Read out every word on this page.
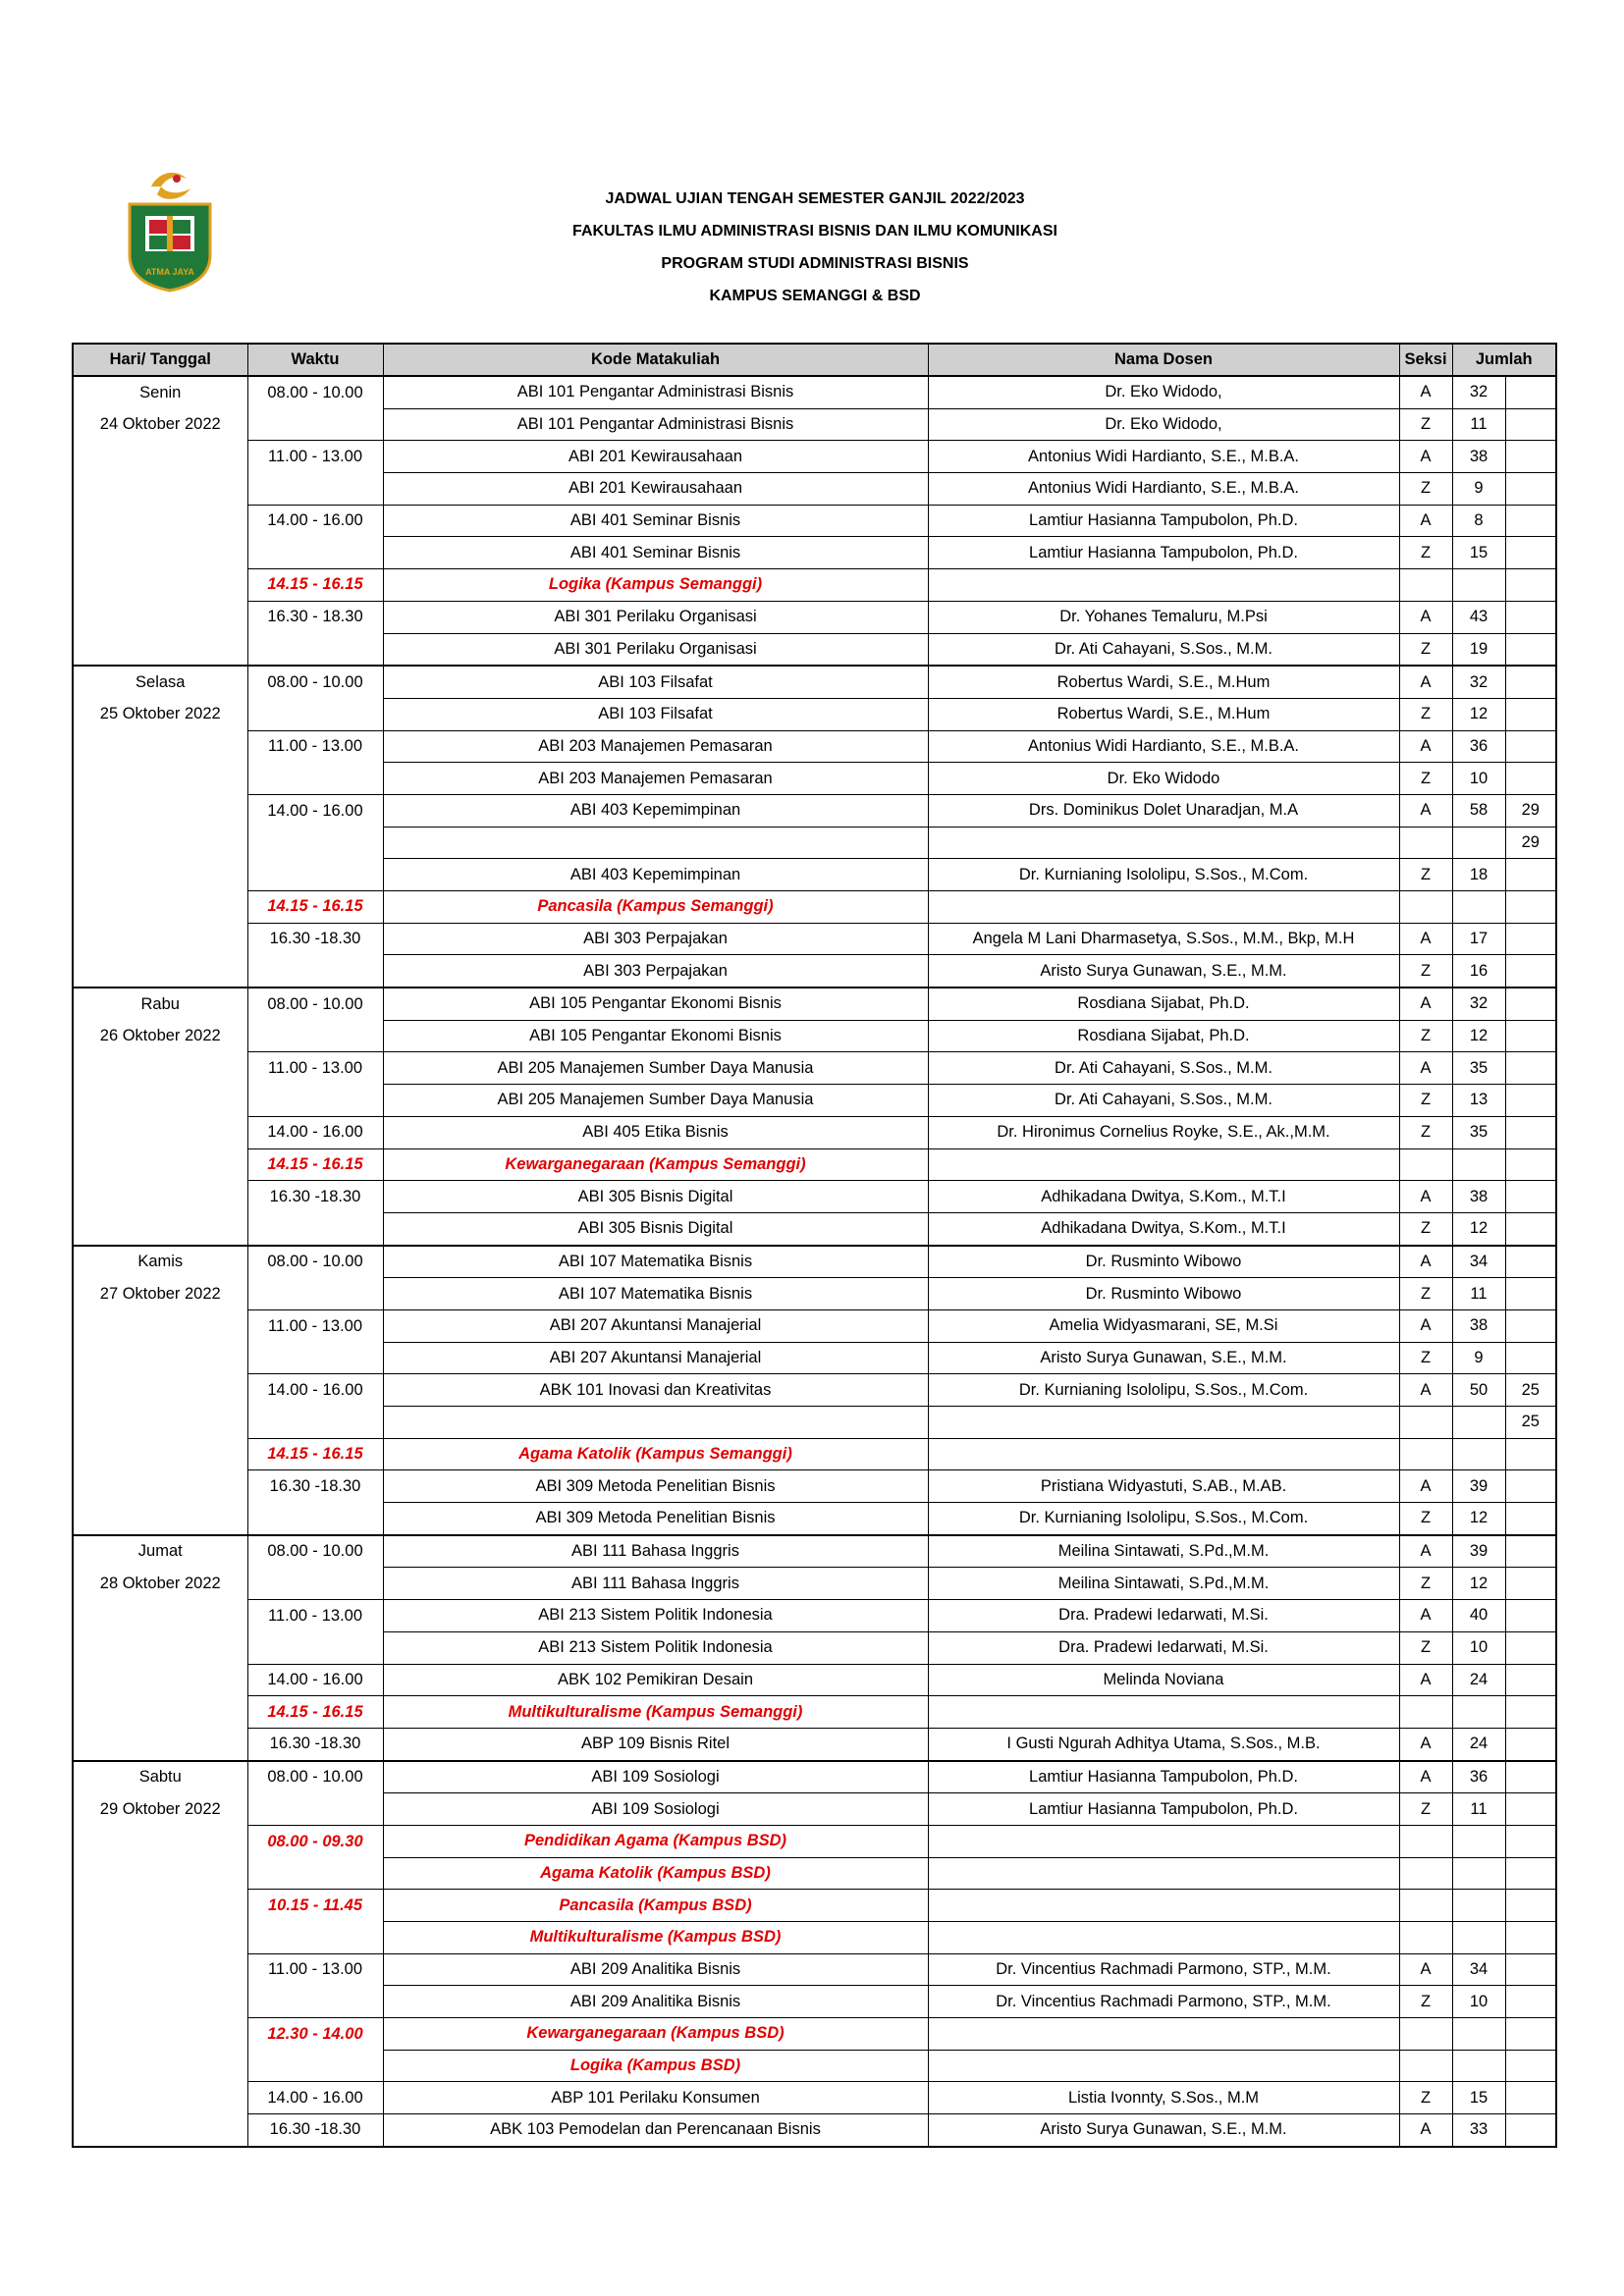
ATMA JAYA
JADWAL UJIAN TENGAH SEMESTER GANJIL 2022/2023
FAKULTAS ILMU ADMINISTRASI BISNIS DAN ILMU KOMUNIKASI
PROGRAM STUDI ADMINISTRASI BISNIS
KAMPUS SEMANGGI & BSD
Hari/ Tanggal	Waktu	Kode Matakuliah	Nama Dosen	Seksi	Jumlah	
Senin	08.00 - 10.00	ABI 101 Pengantar Administrasi Bisnis	Dr. Eko Widodo,	A	32	
24 Oktober 2022		ABI 101 Pengantar Administrasi Bisnis	Dr. Eko Widodo,	Z	11	
	11.00 - 13.00	ABI 201 Kewirausahaan	Antonius Widi Hardianto, S.E., M.B.A.	A	38	
		ABI 201 Kewirausahaan	Antonius Widi Hardianto, S.E., M.B.A.	Z	9	
	14.00 - 16.00	ABI 401 Seminar Bisnis	Lamtiur Hasianna Tampubolon, Ph.D.	A	8	
		ABI 401 Seminar Bisnis	Lamtiur Hasianna Tampubolon, Ph.D.	Z	15	
	14.15 - 16.15	Logika (Kampus Semanggi)				
	16.30 - 18.30	ABI 301 Perilaku Organisasi	Dr. Yohanes Temaluru, M.Psi	A	43	
		ABI 301 Perilaku Organisasi	Dr. Ati Cahayani, S.Sos., M.M.	Z	19	
Selasa	08.00 - 10.00	ABI 103 Filsafat	Robertus Wardi, S.E., M.Hum	A	32	
25 Oktober 2022		ABI 103 Filsafat	Robertus Wardi, S.E., M.Hum	Z	12	
	11.00 - 13.00	ABI 203 Manajemen Pemasaran	Antonius Widi Hardianto, S.E., M.B.A.	A	36	
		ABI 203 Manajemen Pemasaran	Dr. Eko Widodo	Z	10	
	14.00 - 16.00	ABI 403 Kepemimpinan	Drs. Dominikus Dolet Unaradjan, M.A	A	58	29
						29
		ABI 403 Kepemimpinan	Dr. Kurnianing Isololipu, S.Sos., M.Com.	Z	18	
	14.15 - 16.15	Pancasila (Kampus Semanggi)				
	16.30 -18.30	ABI 303 Perpajakan	Angela M Lani Dharmasetya, S.Sos., M.M., Bkp, M.H	A	17	
		ABI 303 Perpajakan	Aristo Surya Gunawan, S.E., M.M.	Z	16	
Rabu	08.00 - 10.00	ABI 105 Pengantar Ekonomi Bisnis	Rosdiana Sijabat, Ph.D.	A	32	
26 Oktober 2022		ABI 105 Pengantar Ekonomi Bisnis	Rosdiana Sijabat, Ph.D.	Z	12	
	11.00 - 13.00	ABI 205 Manajemen Sumber Daya Manusia	Dr. Ati Cahayani, S.Sos., M.M.	A	35	
		ABI 205 Manajemen Sumber Daya Manusia	Dr. Ati Cahayani, S.Sos., M.M.	Z	13	
	14.00 - 16.00	ABI 405 Etika Bisnis	Dr. Hironimus Cornelius Royke, S.E., Ak.,M.M.	Z	35	
	14.15 - 16.15	Kewarganegaraan (Kampus Semanggi)				
	16.30 -18.30	ABI 305 Bisnis Digital	Adhikadana Dwitya, S.Kom., M.T.I	A	38	
		ABI 305 Bisnis Digital	Adhikadana Dwitya, S.Kom., M.T.I	Z	12	
Kamis	08.00 - 10.00	ABI 107 Matematika Bisnis	Dr. Rusminto Wibowo	A	34	
27 Oktober 2022		ABI 107 Matematika Bisnis	Dr. Rusminto Wibowo	Z	11	
	11.00 - 13.00	ABI 207 Akuntansi Manajerial	Amelia Widyasmarani, SE, M.Si	A	38	
		ABI 207 Akuntansi Manajerial	Aristo Surya Gunawan, S.E., M.M.	Z	9	
	14.00 - 16.00	ABK 101 Inovasi dan Kreativitas	Dr. Kurnianing Isololipu, S.Sos., M.Com.	A	50	25
						25
	14.15 - 16.15	Agama Katolik (Kampus Semanggi)				
	16.30 -18.30	ABI 309 Metoda Penelitian Bisnis	Pristiana Widyastuti, S.AB., M.AB.	A	39	
		ABI 309 Metoda Penelitian Bisnis	Dr. Kurnianing Isololipu, S.Sos., M.Com.	Z	12	
Jumat	08.00 - 10.00	ABI 111 Bahasa Inggris	Meilina Sintawati, S.Pd.,M.M.	A	39	
28 Oktober 2022		ABI 111 Bahasa Inggris	Meilina Sintawati, S.Pd.,M.M.	Z	12	
	11.00 - 13.00	ABI 213 Sistem Politik Indonesia	Dra. Pradewi Iedarwati, M.Si.	A	40	
		ABI 213 Sistem Politik Indonesia	Dra. Pradewi Iedarwati, M.Si.	Z	10	
	14.00 - 16.00	ABK 102 Pemikiran Desain	Melinda Noviana	A	24	
	14.15 - 16.15	Multikulturalisme (Kampus Semanggi)				
	16.30 -18.30	ABP 109 Bisnis Ritel	I Gusti Ngurah Adhitya Utama, S.Sos., M.B.	A	24	
Sabtu	08.00 - 10.00	ABI 109 Sosiologi	Lamtiur Hasianna Tampubolon, Ph.D.	A	36	
29 Oktober 2022		ABI 109 Sosiologi	Lamtiur Hasianna Tampubolon, Ph.D.	Z	11	
	08.00 - 09.30	Pendidikan Agama (Kampus BSD)				
		Agama Katolik (Kampus BSD)				
	10.15 - 11.45	Pancasila (Kampus BSD)				
		Multikulturalisme (Kampus BSD)				
	11.00 - 13.00	ABI 209 Analitika Bisnis	Dr. Vincentius Rachmadi Parmono, STP., M.M.	A	34	
		ABI 209 Analitika Bisnis	Dr. Vincentius Rachmadi Parmono, STP., M.M.	Z	10	
	12.30 - 14.00	Kewarganegaraan (Kampus BSD)				
		Logika (Kampus BSD)				
	14.00 - 16.00	ABP 101 Perilaku Konsumen	Listia Ivonnty, S.Sos., M.M	Z	15	
	16.30 -18.30	ABK 103 Pemodelan dan Perencanaan Bisnis	Aristo Surya Gunawan, S.E., M.M.	A	33	
